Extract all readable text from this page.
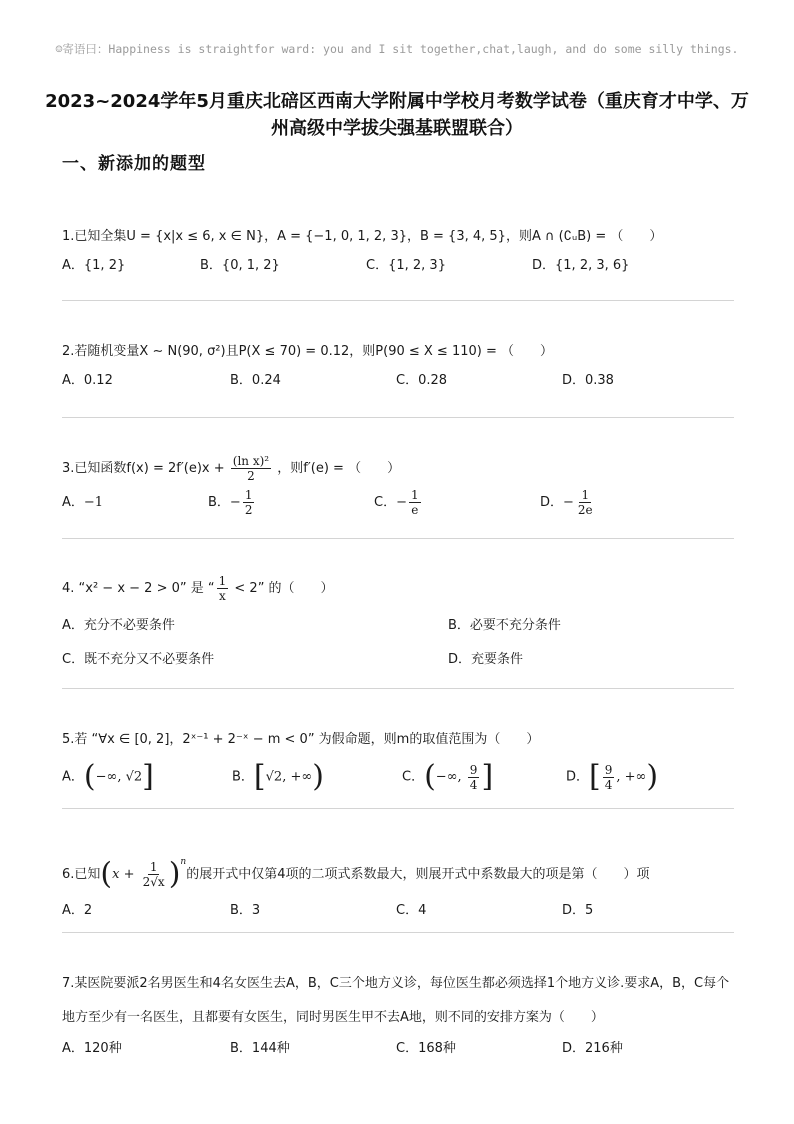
☺寄语曰：Happiness is straightfor ward: you and I sit together,chat,laugh, and do some silly things.
2023~2024学年5月重庆北碚区西南大学附属中学校月考数学试卷（重庆育才中学、万州高级中学拔尖强基联盟联合）
一、新添加的题型
1.已知全集U = {x|x ≤ 6, x ∈ N}，A = {−1, 0, 1, 2, 3}，B = {3, 4, 5}，则A ∩ (∁ᵤB) = （　　）
A．{1, 2}	B．{0, 1, 2}	C．{1, 2, 3}	D．{1, 2, 3, 6}
2.若随机变量X ∼ N(90, σ²)且P(X ≤ 70) = 0.12，则P(90 ≤ X ≤ 110) = （　　）
A．0.12	B．0.24	C．0.28	D．0.38
3.已知函数$f(x) = 2f'(e)x + \frac{\text{(ln x)²}}{2}$ ，则f′(e) = （　　）
A．−1	B．− $\frac{1}{2}$	C．− $\frac{1}{e}$	D．− $\frac{1}{2e}$
4. “x² − x − 2 > 0” 是 “ $\frac{1}{x} < 2$” 的（　　）
A．充分不必要条件	B．必要不充分条件
C．既不充分又不必要条件	D．充要条件
5.若 “∀x ∈ [0, 2]，2ˣ⁻¹ + 2⁻ˣ − m < 0” 为假命题，则m的取值范围为（　　）
A．(−∞, √2]	B．[√2, +∞)	C．(−∞, $\frac{9}{4}$ ]	D．[ $\frac{9}{4}$ , +∞)
6.已知$(x + \frac{1}{2√x} )^n$的展开式中仅第4项的二项式系数最大，则展开式中系数最大的项是第（　　）项
A．2	B．3	C．4	D．5
7.某医院要派2名男医生和4名女医生去A，B，C三个地方义诊，每位医生都必须选择1个地方义诊.要求A，B，C每个地方至少有一名医生，且都要有女医生，同时男医生甲不去A地，则不同的安排方案为（　　）
A．120种	B．144种	C．168种	D．216种
